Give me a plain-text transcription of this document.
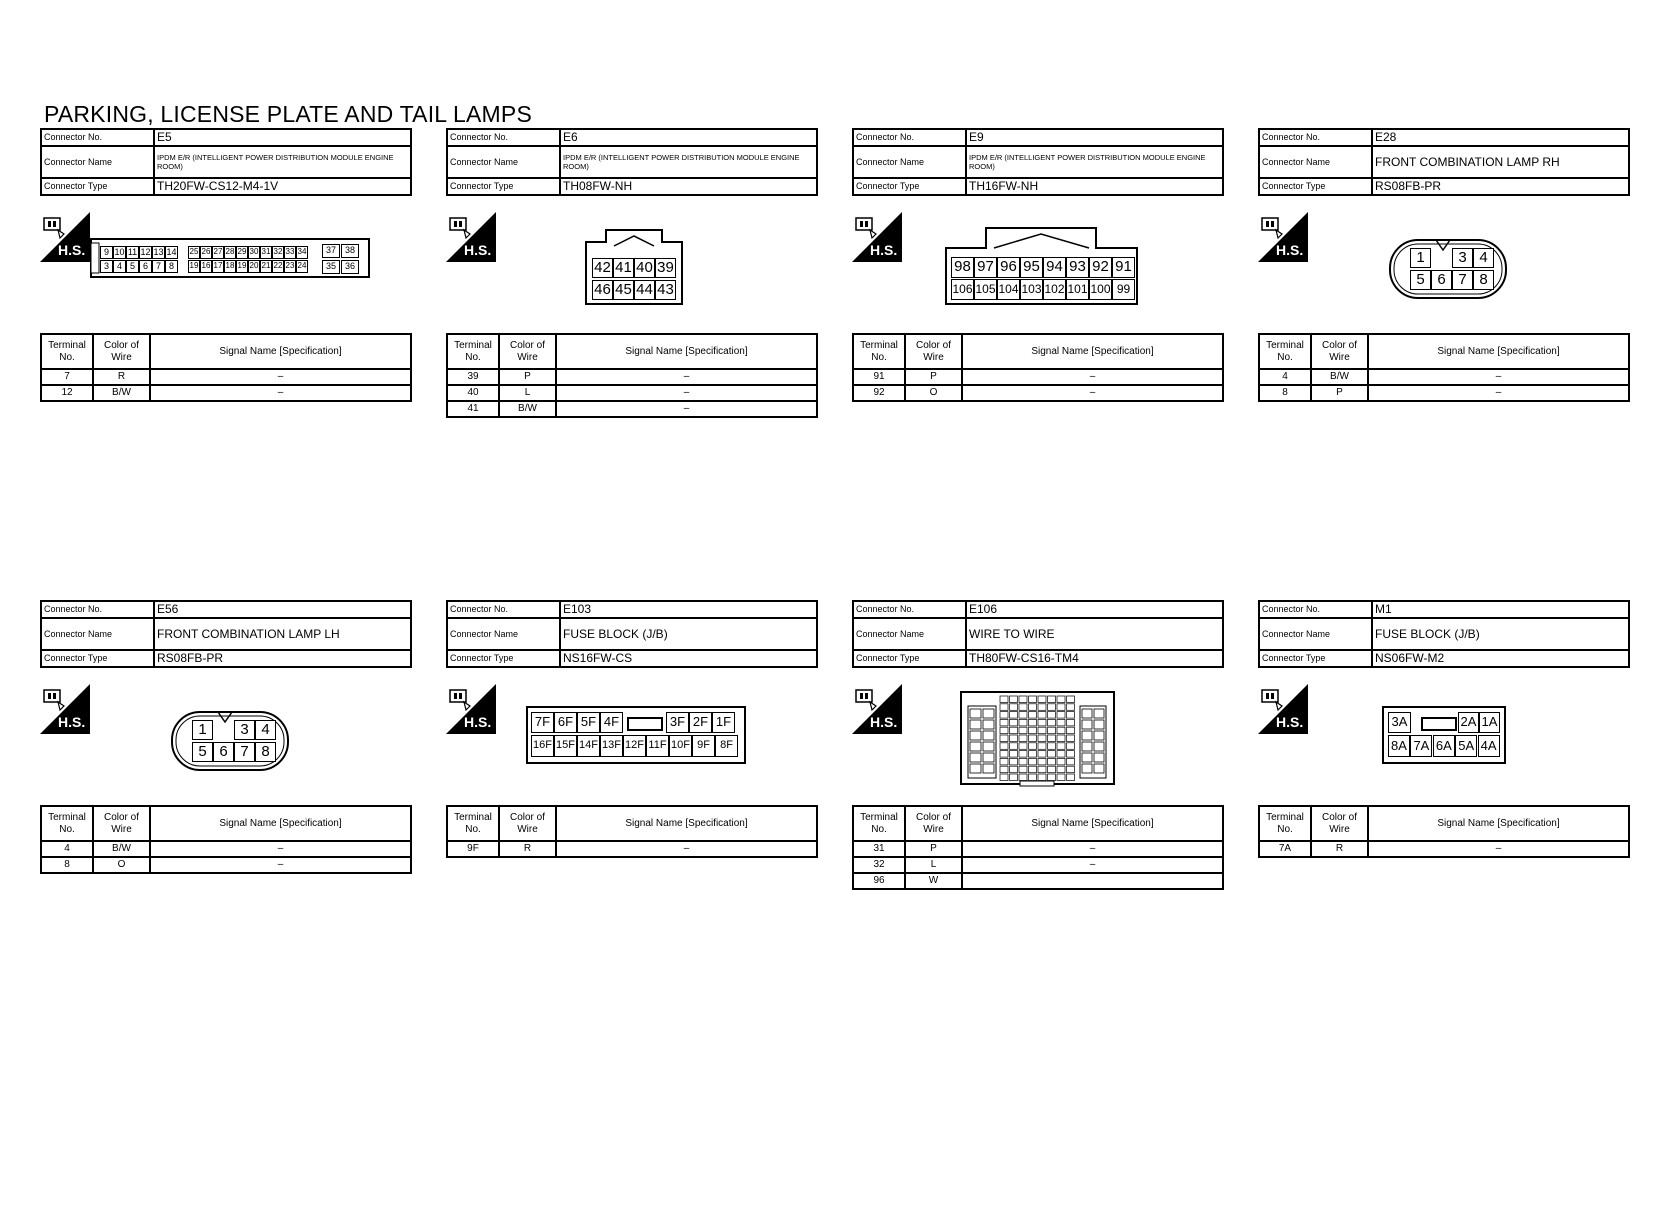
PARKING, LICENSE PLATE AND TAIL LAMPS
Connector No.	E5
Connector Name	IPDM E/R (INTELLIGENT POWER DISTRIBUTION MODULE ENGINE ROOM)
Connector Type	TH20FW-CS12-M4-1V
H.S.	9
3
10
4
11
5
12
6
13
7
14
8
25
19
26
16
27
17
28
18
29
19
30
20
31
21
32
22
33
23
34
24
37 38
35 36
Terminal No.	Color of Wire	Signal Name [Specification]
7	R	–
12	B/W	–
Connector No.	E6
Connector Name	IPDM E/R (INTELLIGENT POWER DISTRIBUTION MODULE ENGINE ROOM)
Connector Type	TH08FW-NH
H.S.
42
46
41
45
40
44
39
43
Terminal No.	Color of Wire	Signal Name [Specification]
39	P	–
40	L	–
41	B/W	–
Connector No.	E9
Connector Name	IPDM E/R (INTELLIGENT POWER DISTRIBUTION MODULE ENGINE ROOM)
Connector Type	TH16FW-NH
H.S.
98
106
97
105
96
104
95
103
94
102
93
101
92
100
91
99
Terminal No.	Color of Wire	Signal Name [Specification]
91	P	–
92	O	–
Connector No.	E28
Connector Name	FRONT COMBINATION LAMP RH
Connector Type	RS08FB-PR
H.S.	1	3 4
5 6 7 8
Terminal No.	Color of Wire	Signal Name [Specification]
4	B/W	–
8	P	–
Connector No.	E56
Connector Name	FRONT COMBINATION LAMP LH
Connector Type	RS08FB-PR
H.S.	1	3 4
5 6 7 8
Terminal No.	Color of Wire	Signal Name [Specification]
4	B/W	–
8	O	–
Connector No.	E103
Connector Name	FUSE BLOCK (J/B)
Connector Type	NS16FW-CS
H.S.	7F 6F 5F 4F	3F 2F 1F
16F 15F 14F 13F 12F 11F 10F 9F 8F
Terminal No.	Color of Wire	Signal Name [Specification]
9F	R	–
Connector No.	E106
Connector Name	WIRE TO WIRE
Connector Type	TH80FW-CS16-TM4
H.S.
Terminal No.	Color of Wire	Signal Name [Specification]
31	P	–
32	L	–
96	W	
Connector No.	M1
Connector Name	FUSE BLOCK (J/B)
Connector Type	NS06FW-M2
H.S.	3A	2A 1A
8A 7A 6A 5A 4A
Terminal No.	Color of Wire	Signal Name [Specification]
7A	R	–
